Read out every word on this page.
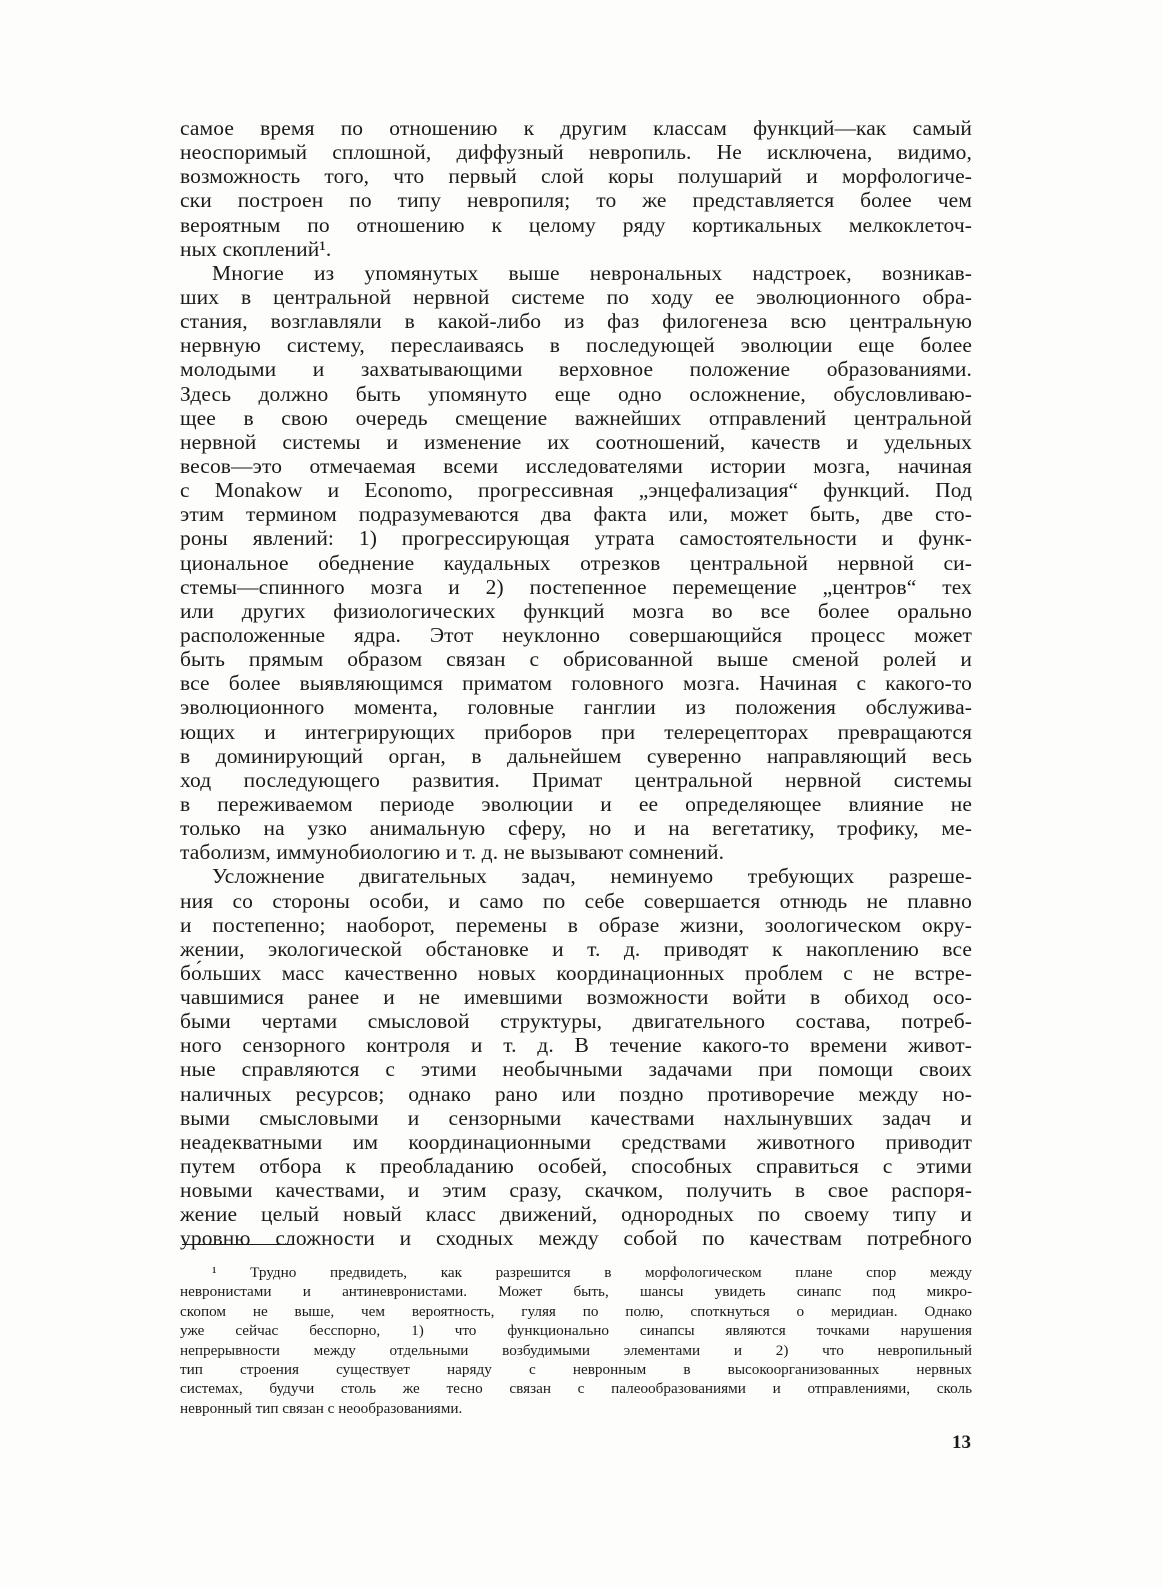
самое время по отношению к другим классам функций—как самый
неоспоримый сплошной, диффузный невропиль. Не исключена, видимо,
возможность того, что первый слой коры полушарий и морфологиче-
ски построен по типу невропиля; то же представляется более чем
вероятным по отношению к целому ряду кортикальных мелкоклеточ-
ных скоплений¹.
Многие из упомянутых выше неврональных надстроек, возникав-
ших в центральной нервной системе по ходу ее эволюционного обра-
стания, возглавляли в какой-либо из фаз филогенеза всю центральную
нервную систему, переслаиваясь в последующей эволюции еще более
молодыми и захватывающими верховное положение образованиями.
Здесь должно быть упомянуто еще одно осложнение, обусловливаю-
щее в свою очередь смещение важнейших отправлений центральной
нервной системы и изменение их соотношений, качеств и удельных
весов—это отмечаемая всеми исследователями истории мозга, начиная
с Monakow и Economo, прогрессивная „энцефализация“ функций. Под
этим термином подразумеваются два факта или, может быть, две сто-
роны явлений: 1) прогрессирующая утрата самостоятельности и функ-
циональное обеднение каудальных отрезков центральной нервной си-
стемы—спинного мозга и 2) постепенное перемещение „центров“ тех
или других физиологических функций мозга во все более орально
расположенные ядра. Этот неуклонно совершающийся процесс может
быть прямым образом связан с обрисованной выше сменой ролей и
все более выявляющимся приматом головного мозга. Начиная с какого-то
эволюционного момента, головные ганглии из положения обслужива-
ющих и интегрирующих приборов при телерецепторах превращаются
в доминирующий орган, в дальнейшем суверенно направляющий весь
ход последующего развития. Примат центральной нервной системы
в переживаемом периоде эволюции и ее определяющее влияние не
только на узко анимальную сферу, но и на вегетатику, трофику, ме-
таболизм, иммунобиологию и т. д. не вызывают сомнений.
Усложнение двигательных задач, неминуемо требующих разреше-
ния со стороны особи, и само по себе совершается отнюдь не плавно
и постепенно; наоборот, перемены в образе жизни, зоологическом окру-
жении, экологической обстановке и т. д. приводят к накоплению все
бо́льших масс качественно новых координационных проблем с не встре-
чавшимися ранее и не имевшими возможности войти в обиход осо-
быми чертами смысловой структуры, двигательного состава, потреб-
ного сензорного контроля и т. д. В течение какого-то времени живот-
ные справляются с этими необычными задачами при помощи своих
наличных ресурсов; однако рано или поздно противоречие между но-
выми смысловыми и сензорными качествами нахлынувших задач и
неадекватными им координационными средствами животного приводит
путем отбора к преобладанию особей, способных справиться с этими
новыми качествами, и этим сразу, скачком, получить в свое распоря-
жение целый новый класс движений, однородных по своему типу и
уровню сложности и сходных между собой по качествам потребного
¹ Трудно предвидеть, как разрешится в морфологическом плане спор между
невронистами и антиневронистами. Может быть, шансы увидеть синапс под микро-
скопом не выше, чем вероятность, гуляя по полю, споткнуться о меридиан. Однако
уже сейчас бесспорно, 1) что функционально синапсы являются точками нарушения
непрерывности между отдельными возбудимыми элементами и 2) что невропильный
тип строения существует наряду с невронным в высокоорганизованных нервных
системах, будучи столь же тесно связан с палеообразованиями и отправлениями, сколь
невронный тип связан с неообразованиями.
13
